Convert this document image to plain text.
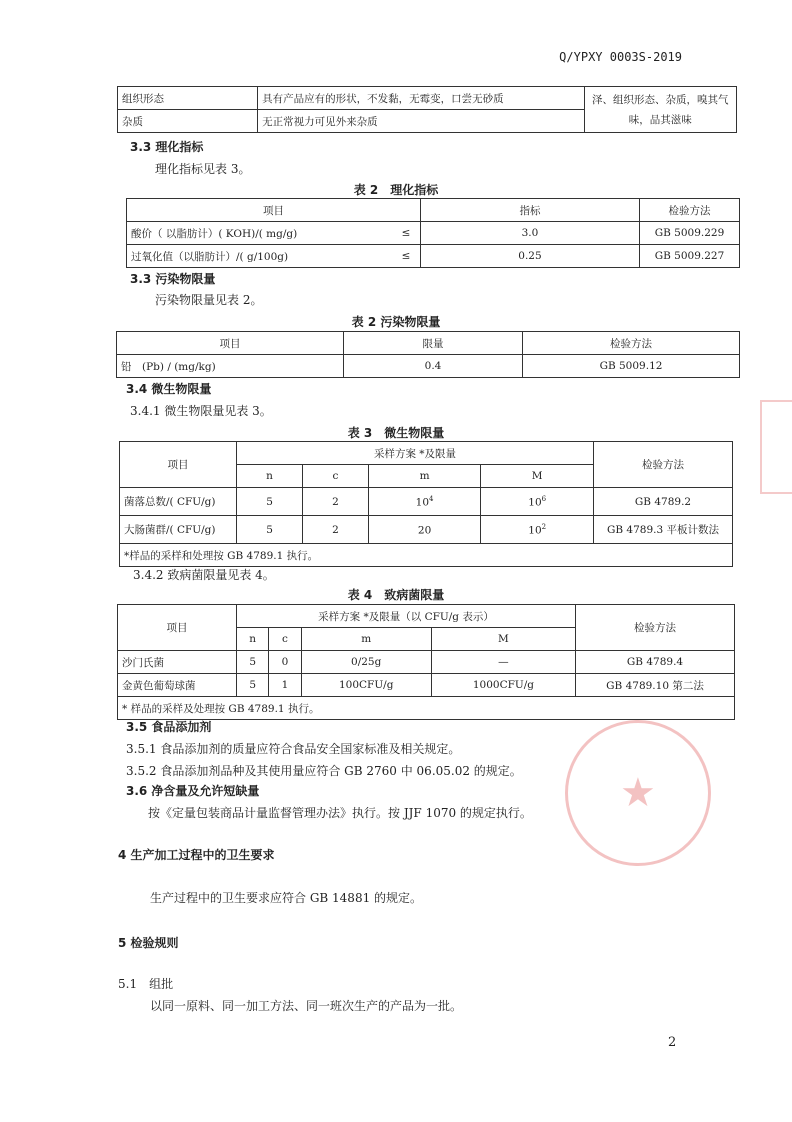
Q/YPXY 0003S-2019
组织形态	具有产品应有的形状，不发黏，无霉变，口尝无砂质	泽、组织形态、杂质，嗅其气味，品其滋味
杂质	无正常视力可见外来杂质	
3.3 理化指标
理化指标见表 3。
表 2　理化指标
项目		指标	检验方法
酸价（ 以脂肪计）( KOH)/( mg/g)	≤	3.0	GB 5009.229
过氧化值（以脂肪计）/( g/100g)	≤	0.25	GB 5009.227
3.3 污染物限量
污染物限量见表 2。
表 2 污染物限量
项目	限量	检验方法
铅　(Pb) / (mg/kg)	0.4	GB 5009.12
3.4 微生物限量
3.4.1 微生物限量见表 3。
表 3　微生物限量
项目	采样方案 *及限量				检验方法
	n	c	m	M	
菌落总数/( CFU/g)	5	2	$10^4$	$10^6$	GB 4789.2
大肠菌群/( CFU/g)	5	2	20	$10^2$	GB 4789.3 平板计数法
*样品的采样和处理按 GB 4789.1 执行。					
3.4.2 致病菌限量见表 4。
表 4　致病菌限量
项目	采样方案 *及限量（以 CFU/g 表示）				检验方法
	n	c	m	M	
沙门氏菌	5	0	0/25g	—	GB 4789.4
金黄色葡萄球菌	5	1	100CFU/g	1000CFU/g	GB 4789.10 第二法
* 样品的采样及处理按 GB 4789.1 执行。					
3.5 食品添加剂
3.5.1 食品添加剂的质量应符合食品安全国家标准及相关规定。
3.5.2 食品添加剂品种及其使用量应符合 GB 2760 中 06.05.02 的规定。
3.6 净含量及允许短缺量
按《定量包装商品计量监督管理办法》执行。按 JJF 1070 的规定执行。
4 生产加工过程中的卫生要求
生产过程中的卫生要求应符合 GB 14881 的规定。
5 检验规则
5.1　组批
以同一原料、同一加工方法、同一班次生产的产品为一批。
2
★
